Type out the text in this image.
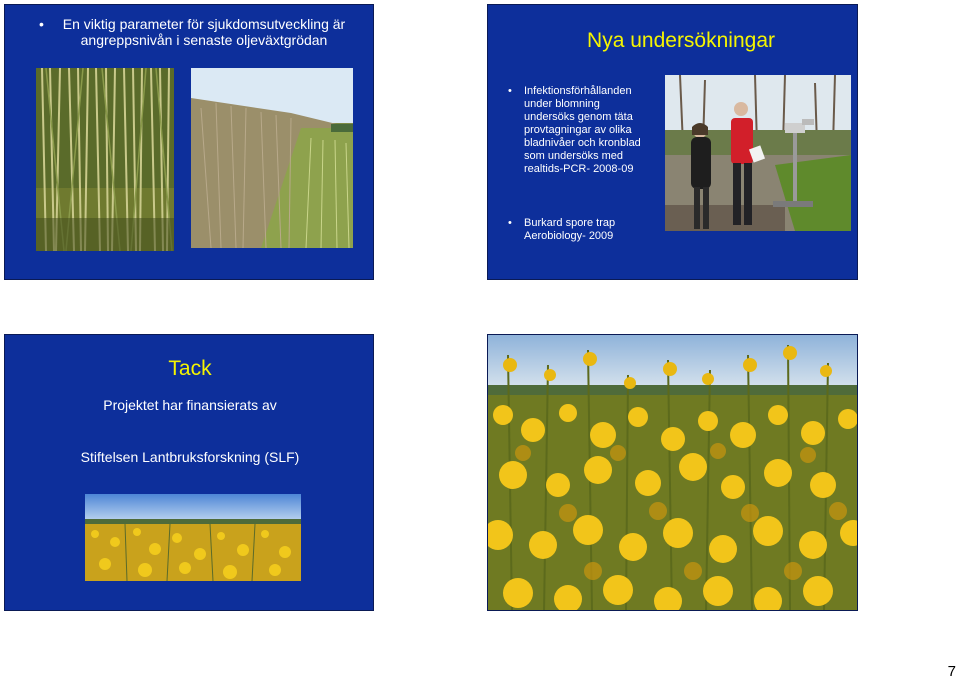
•	En viktig parameter för sjukdomsutveckling är

angreppsnivån i senaste oljeväxtgrödan	Nya undersökningar
• Infektionsförhållanden
under blomning
undersöks genom täta
provtagningar av olika
bladnivåer och kronblad
som undersöks med
realtids-PCR- 2008-09
• Burkard spore trap
Aerobiology- 2009
Tack
Projektet har finansierats av
Stiftelsen Lantbruksforskning (SLF)
7
